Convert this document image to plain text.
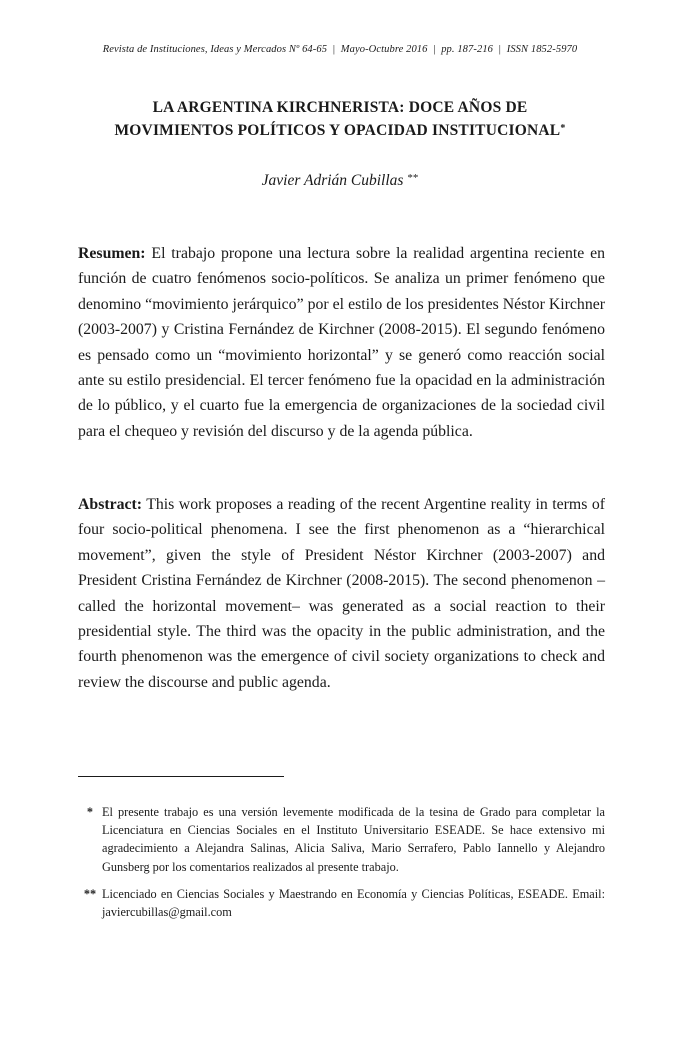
Revista de Instituciones, Ideas y Mercados Nº 64-65 | Mayo-Octubre 2016 | pp. 187-216 | ISSN 1852-5970
LA ARGENTINA KIRCHNERISTA: DOCE AÑOS DE
MOVIMIENTOS POLÍTICOS Y OPACIDAD INSTITUCIONAL*
Javier Adrián Cubillas **

Resumen: El trabajo propone una lectura sobre la realidad argentina reciente en función de cuatro fenómenos socio-políticos. Se analiza un primer fenómeno que denomino “movimiento jerárquico” por el estilo de los presidentes Néstor Kirchner (2003-2007) y Cristina Fernández de Kirchner (2008-2015). El segundo fenómeno es pensado como un “movimiento horizontal” y se generó como reacción social ante su estilo presidencial. El tercer fenómeno fue la opacidad en la administración de lo público, y el cuarto fue la emergencia de organizaciones de la sociedad civil para el chequeo y revisión del discurso y de la agenda pública.

Abstract: This work proposes a reading of the recent Argentine reality in terms of four socio-political phenomena. I see the first phenomenon as a “hierarchical movement”, given the style of President Néstor Kirchner (2003-2007) and President Cristina Fernández de Kirchner (2008-2015). The second phenomenon –called the horizontal movement– was generated as a social reaction to their presidential style. The third was the opacity in the public administration, and the fourth phenomenon was the emergence of civil society organizations to check and review the discourse and public agenda.

* El presente trabajo es una versión levemente modificada de la tesina de Grado para completar la Licenciatura en Ciencias Sociales en el Instituto Universitario ESEADE. Se hace extensivo mi agradecimiento a Alejandra Salinas, Alicia Saliva, Mario Serrafero, Pablo Iannello y Alejandro Gunsberg por los comentarios realizados al presente trabajo.

** Licenciado en Ciencias Sociales y Maestrando en Economía y Ciencias Políticas, ESEADE. Email: javiercubillas@gmail.com
